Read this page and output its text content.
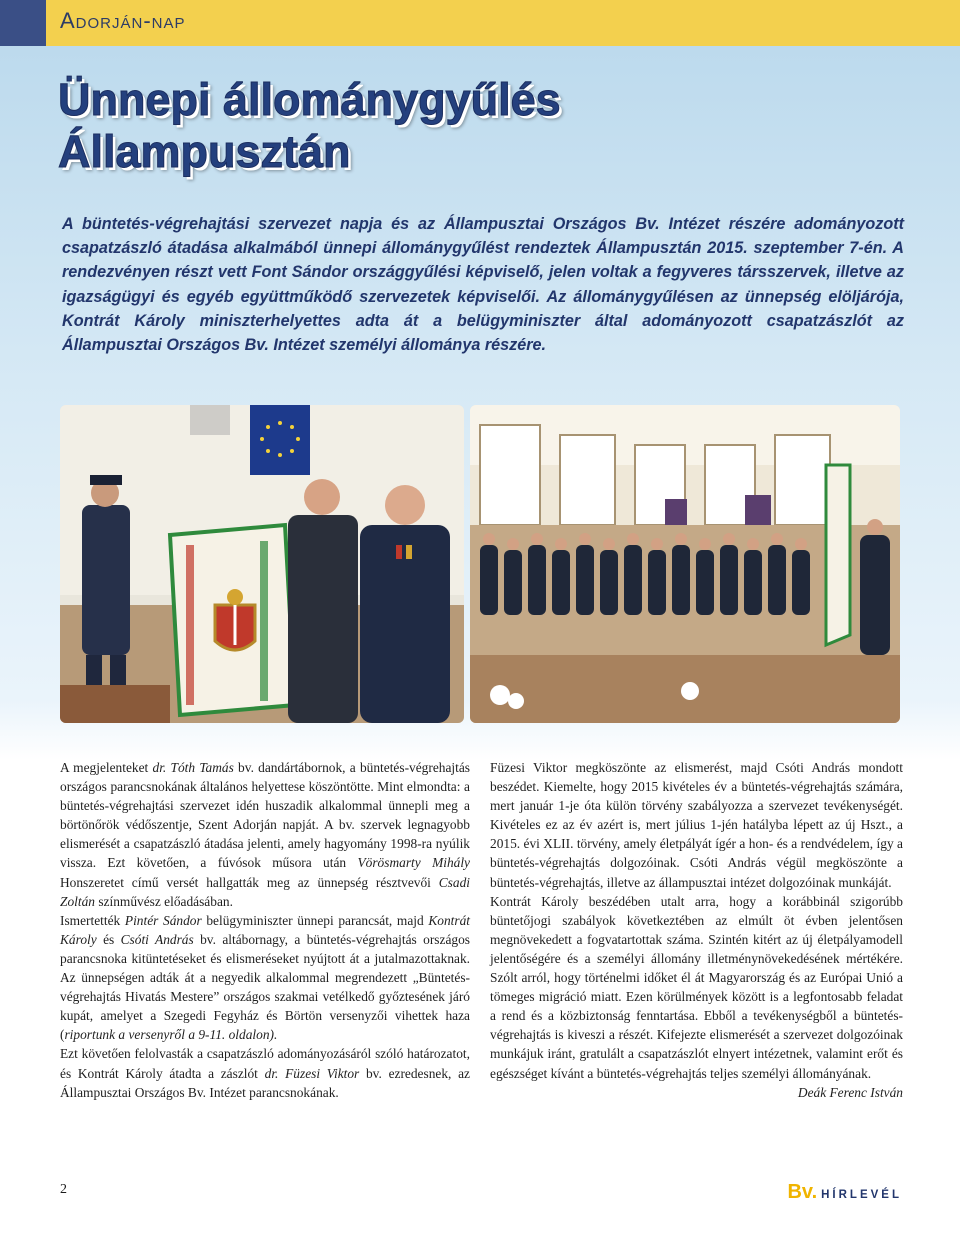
Adorján-nap
Ünnepi állománygyűlés
Állampusztán
A büntetés-végrehajtási szervezet napja és az Állampusztai Országos Bv. Intézet részére adományozott csapatzászló átadása alkalmából ünnepi állománygyűlést rendeztek Állampusztán 2015. szeptember 7-én. A rendezvényen részt vett Font Sándor országgyűlési képviselő, jelen voltak a fegyveres társszervek, illetve az igazságügyi és egyéb együttműködő szervezetek képviselői. Az állománygyűlésen az ünnepség elöljárója, Kontrát Károly miniszterhelyettes adta át a belügyminiszter által adományozott csapatzászlót az Állampusztai Országos Bv. Intézet személyi állománya részére.

A megjelenteket dr. Tóth Tamás bv. dandártábornok, a büntetés-végrehajtás országos parancsnokának általános helyettese köszöntötte. Mint elmondta: a büntetés-végrehajtási szervezet idén huszadik alkalommal ünnepli meg a börtönőrök védőszentje, Szent Adorján napját. A bv. szervek legnagyobb elismerését a csapatzászló átadása jelenti, amely hagyomány 1998-ra nyúlik vissza. Ezt követően, a fúvósok műsora után Vörösmarty Mihály Honszeretet című versét hallgatták meg az ünnepség résztvevői Csadi Zoltán színművész előadásában.

Ismertették Pintér Sándor belügyminiszter ünnepi parancsát, majd Kontrát Károly és Csóti András bv. altábornagy, a büntetés-végrehajtás országos parancsnoka kitüntetéseket és elismeréseket nyújtott át a jutalmazottaknak. Az ünnepségen adták át a negyedik alkalommal megrendezett „Büntetés-végrehajtás Hivatás Mestere” országos szakmai vetélkedő győztesének járó kupát, amelyet a Szegedi Fegyház és Börtön versenyzői vihettek haza (riportunk a versenyről a 9-11. oldalon).

Ezt követően felolvasták a csapatzászló adományozásáról szóló határozatot, és Kontrát Károly átadta a zászlót dr. Füzesi Viktor bv. ezredesnek, az Állampusztai Országos Bv. Intézet parancsnokának.

Füzesi Viktor megköszönte az elismerést, majd Csóti András mondott beszédet. Kiemelte, hogy 2015 kivételes év a büntetés-végrehajtás számára, mert január 1-je óta külön törvény szabályozza a szervezet tevékenységét. Kivételes ez az év azért is, mert július 1-jén hatályba lépett az új Hszt., a 2015. évi XLII. törvény, amely életpályát ígér a hon- és a rendvédelem, így a büntetés-végrehajtás dolgozóinak. Csóti András végül megköszönte a büntetés-végrehajtás, illetve az állampusztai intézet dolgozóinak munkáját.

Kontrát Károly beszédében utalt arra, hogy a korábbinál szigorúbb büntetőjogi szabályok következtében az elmúlt öt évben jelentősen megnövekedett a fogvatartottak száma. Szintén kitért az új életpályamodell jelentőségére és a személyi állomány illetménynövekedésének mértékére. Szólt arról, hogy történelmi időket él át Magyarország és az Európai Unió a tömeges migráció miatt. Ezen körülmények között is a legfontosabb feladat a rend és a közbiztonság fenntartása. Ebből a tevékenységből a büntetés-végrehajtás is kiveszi a részét. Kifejezte elismerését a szervezet dolgozóinak munkájuk iránt, gratulált a csapatzászlót elnyert intézetnek, valamint erőt és egészséget kívánt a büntetés-végrehajtás teljes személyi állományának.

Deák Ferenc István

2	Bv. HÍRLEVÉL
